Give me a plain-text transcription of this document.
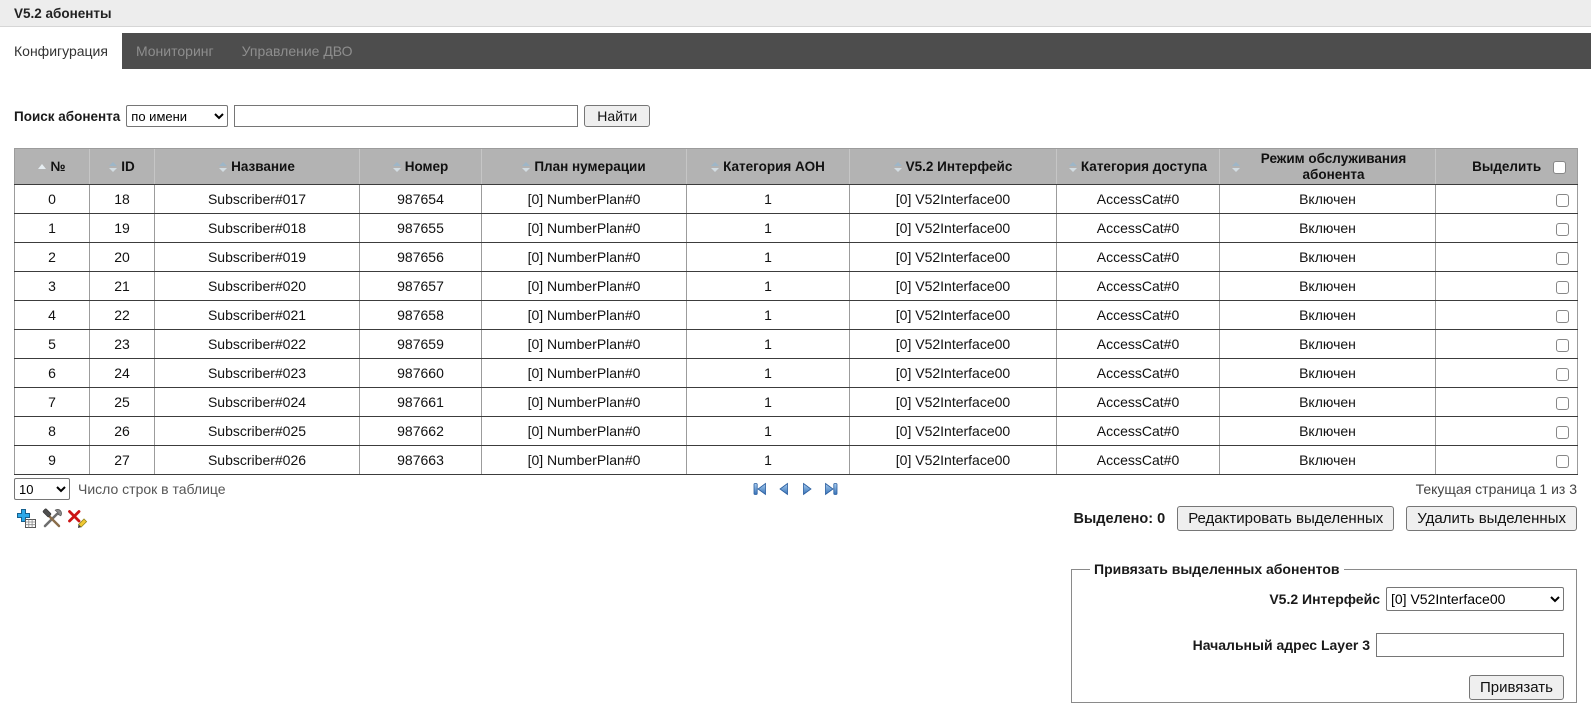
V5.2 абоненты
Конфигурация	Мониторинг	Управление ДВО
Поиск абонента
по имени	Найти
№	ID	Название	Номер	План нумерации	Категория АОН	V5.2 Интерфейс	Категория доступа	Режим обслуживания абонента	Выделить
0	18	Subscriber#017	987654	[0] NumberPlan#0	1	[0] V52Interface00	AccessCat#0	Включен	
1	19	Subscriber#018	987655	[0] NumberPlan#0	1	[0] V52Interface00	AccessCat#0	Включен	
2	20	Subscriber#019	987656	[0] NumberPlan#0	1	[0] V52Interface00	AccessCat#0	Включен	
3	21	Subscriber#020	987657	[0] NumberPlan#0	1	[0] V52Interface00	AccessCat#0	Включен	
4	22	Subscriber#021	987658	[0] NumberPlan#0	1	[0] V52Interface00	AccessCat#0	Включен	
5	23	Subscriber#022	987659	[0] NumberPlan#0	1	[0] V52Interface00	AccessCat#0	Включен	
6	24	Subscriber#023	987660	[0] NumberPlan#0	1	[0] V52Interface00	AccessCat#0	Включен	
7	25	Subscriber#024	987661	[0] NumberPlan#0	1	[0] V52Interface00	AccessCat#0	Включен	
8	26	Subscriber#025	987662	[0] NumberPlan#0	1	[0] V52Interface00	AccessCat#0	Включен	
9	27	Subscriber#026	987663	[0] NumberPlan#0	1	[0] V52Interface00	AccessCat#0	Включен	
10
Число строк в таблице	Текущая страница 1 из 3
Выделено: 0	Редактировать выделенных	Удалить выделенных
Привязать выделенных абонентов
V5.2 Интерфейс
[0] V52Interface00
Начальный адрес Layer 3
Привязать
